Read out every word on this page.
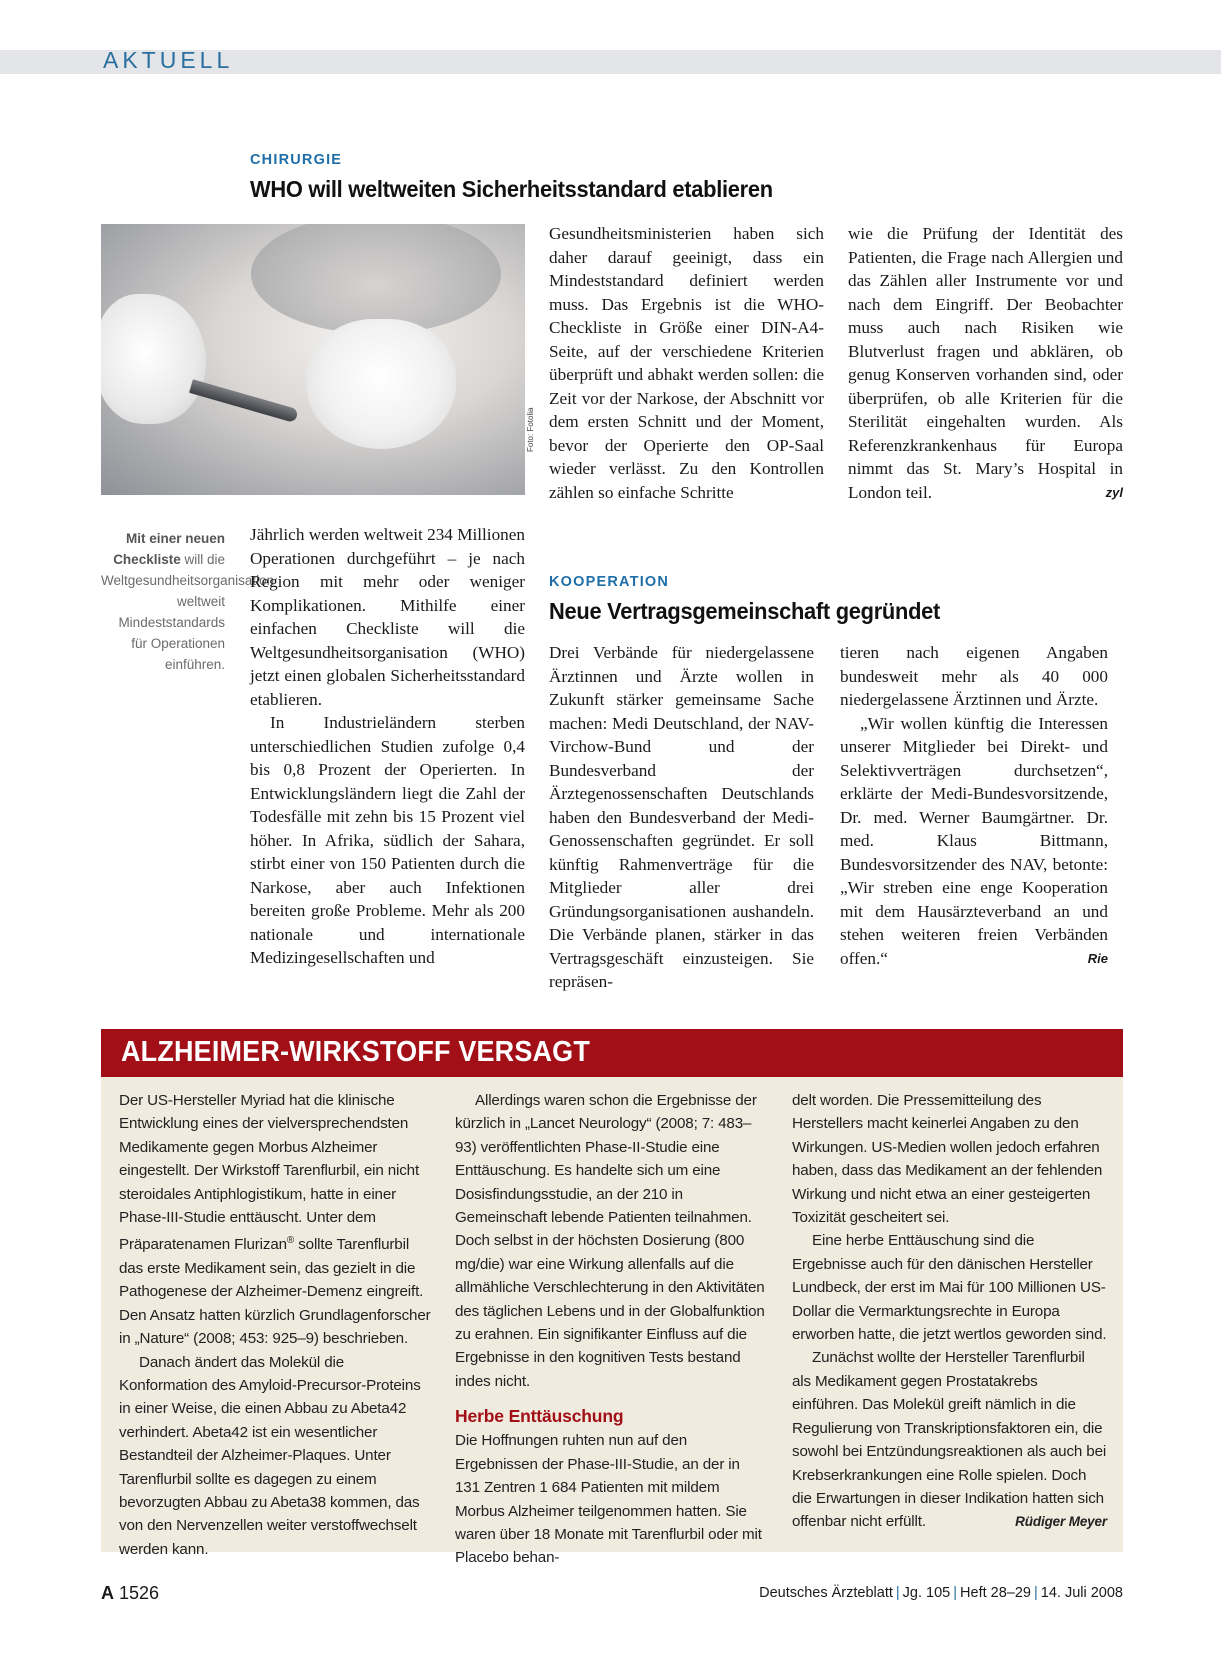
AKTUELL
CHIRURGIE
WHO will weltweiten Sicherheitsstandard etablieren
Foto: Fotolia
Mit einer neuen Checkliste will die Weltgesundheitsorganisation weltweit Mindeststandards für Operationen einführen.

Jährlich werden weltweit 234 Millionen Operationen durchgeführt – je nach Region mit mehr oder weniger Komplikationen. Mithilfe einer einfachen Checkliste will die Weltgesundheitsorganisation (WHO) jetzt einen globalen Sicherheitsstandard etablieren.

In Industrieländern sterben unterschiedlichen Studien zufolge 0,4 bis 0,8 Prozent der Operierten. In Entwicklungsländern liegt die Zahl der Todesfälle mit zehn bis 15 Prozent viel höher. In Afrika, südlich der Sahara, stirbt einer von 150 Patienten durch die Narkose, aber auch Infektionen bereiten große Probleme. Mehr als 200 nationale und internationale Medizingesellschaften und

Gesundheitsministerien haben sich daher darauf geeinigt, dass ein Mindeststandard definiert werden muss. Das Ergebnis ist die WHO-Checkliste in Größe einer DIN-A4-Seite, auf der verschiedene Kriterien überprüft und abhakt werden sollen: die Zeit vor der Narkose, der Abschnitt vor dem ersten Schnitt und der Moment, bevor der Operierte den OP-Saal wieder verlässt. Zu den Kontrollen zählen so einfache Schritte

wie die Prüfung der Identität des Patienten, die Frage nach Allergien und das Zählen aller Instrumente vor und nach dem Eingriff. Der Beobachter muss auch nach Risiken wie Blutverlust fragen und abklären, ob genug Konserven vorhanden sind, oder überprüfen, ob alle Kriterien für die Sterilität eingehalten wurden. Als Referenzkrankenhaus für Europa nimmt das St. Mary’s Hospital in London teil.	zyl

KOOPERATION
Neue Vertragsgemeinschaft gegründet

Drei Verbände für niedergelassene Ärztinnen und Ärzte wollen in Zukunft stärker gemeinsame Sache machen: Medi Deutschland, der NAV-Virchow-Bund und der Bundesverband der Ärztegenossenschaften Deutschlands haben den Bundesverband der Medi-Genossenschaften gegründet. Er soll künftig Rahmenverträge für die Mitglieder aller drei Gründungsorganisationen aushandeln. Die Verbände planen, stärker in das Vertragsgeschäft einzusteigen. Sie repräsen-

tieren nach eigenen Angaben bundesweit mehr als 40 000 niedergelassene Ärztinnen und Ärzte.

„Wir wollen künftig die Interessen unserer Mitglieder bei Direkt- und Selektivverträgen durchsetzen“, erklärte der Medi-Bundesvorsitzende, Dr. med. Werner Baumgärtner. Dr. med. Klaus Bittmann, Bundesvorsitzender des NAV, betonte: „Wir streben eine enge Kooperation mit dem Hausärzteverband an und stehen weiteren freien Verbänden offen.“	Rie

ALZHEIMER-WIRKSTOFF VERSAGT

Der US-Hersteller Myriad hat die klinische Entwicklung eines der vielversprechendsten Medikamente gegen Morbus Alzheimer eingestellt. Der Wirkstoff Tarenflurbil, ein nicht steroidales Antiphlogistikum, hatte in einer Phase-III-Studie enttäuscht. Unter dem Präparatenamen Flurizan® sollte Tarenflurbil das erste Medikament sein, das gezielt in die Pathogenese der Alzheimer-Demenz eingreift. Den Ansatz hatten kürzlich Grundlagenforscher in „Nature“ (2008; 453: 925–9) beschrieben.

Danach ändert das Molekül die Konformation des Amyloid-Precursor-Proteins in einer Weise, die einen Abbau zu Abeta42 verhindert. Abeta42 ist ein wesentlicher Bestandteil der Alzheimer-Plaques. Unter Tarenflurbil sollte es dagegen zu einem bevorzugten Abbau zu Abeta38 kommen, das von den Nervenzellen weiter verstoffwechselt werden kann.

Allerdings waren schon die Ergebnisse der kürzlich in „Lancet Neurology“ (2008; 7: 483–93) veröffentlichten Phase-II-Studie eine Enttäuschung. Es handelte sich um eine Dosisfindungsstudie, an der 210 in Gemeinschaft lebende Patienten teilnahmen. Doch selbst in der höchsten Dosierung (800 mg/die) war eine Wirkung allenfalls auf die allmähliche Verschlechterung in den Aktivitäten des täglichen Lebens und in der Globalfunktion zu erahnen. Ein signifikanter Einfluss auf die Ergebnisse in den kognitiven Tests bestand indes nicht.

Herbe Enttäuschung

Die Hoffnungen ruhten nun auf den Ergebnissen der Phase-III-Studie, an der in 131 Zentren 1 684 Patienten mit mildem Morbus Alzheimer teilgenommen hatten. Sie waren über 18 Monate mit Tarenflurbil oder mit Placebo behan-

delt worden. Die Pressemitteilung des Herstellers macht keinerlei Angaben zu den Wirkungen. US-Medien wollen jedoch erfahren haben, dass das Medikament an der fehlenden Wirkung und nicht etwa an einer gesteigerten Toxizität gescheitert sei.

Eine herbe Enttäuschung sind die Ergebnisse auch für den dänischen Hersteller Lundbeck, der erst im Mai für 100 Millionen US-Dollar die Vermarktungsrechte in Europa erworben hatte, die jetzt wertlos geworden sind.

Zunächst wollte der Hersteller Tarenflurbil als Medikament gegen Prostatakrebs einführen. Das Molekül greift nämlich in die Regulierung von Transkriptionsfaktoren ein, die sowohl bei Entzündungsreaktionen als auch bei Krebserkrankungen eine Rolle spielen. Doch die Erwartungen in dieser Indikation hatten sich offenbar nicht erfüllt.	Rüdiger Meyer

A 1526	Deutsches Ärzteblatt | Jg. 105 | Heft 28–29 | 14. Juli 2008
